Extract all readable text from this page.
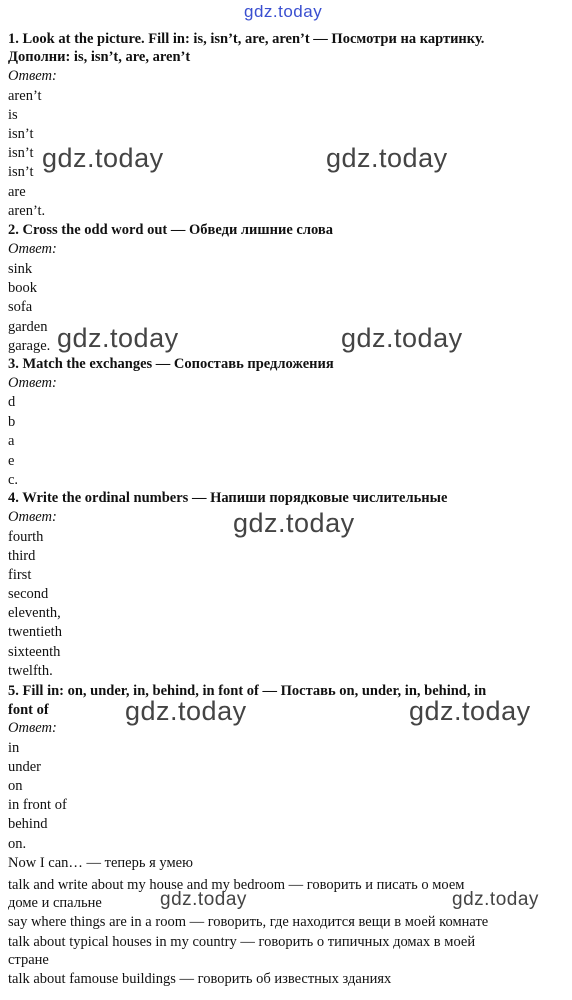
gdz.today
1. Look at the picture. Fill in: is, isn’t, are, aren’t — Посмотри на картинку.
Дополни: is, isn’t, are, aren’t
Ответ:
aren’t
is
isn’t
isn’t
isn’t
are
aren’t.
2. Cross the odd word out — Обведи лишние слова
Ответ:
sink
book
sofa
garden
garage.
3. Match the exchanges — Сопоставь предложения
Ответ:
d
b
a
e
c.
4. Write the ordinal numbers — Напиши порядковые числительные
Ответ:
fourth
third
first
second
eleventh,
twentieth
sixteenth
twelfth.
5. Fill in: on, under, in, behind, in font of — Поставь on, under, in, behind, in
font of
Ответ:
in
under
on
in front of
behind
on.
Now I can… — теперь я умею
talk and write about my house and my bedroom — говорить и писать о моем
доме и спальне
say where things are in a room — говорить, где находится вещи в моей комнате
talk about typical houses in my country — говорить о типичных домах в моей
стране
talk about famouse buildings — говорить об известных зданиях
gdz.today	gdz.today
gdz.today	gdz.today
gdz.today
gdz.today	gdz.today
gdz.today	gdz.today
